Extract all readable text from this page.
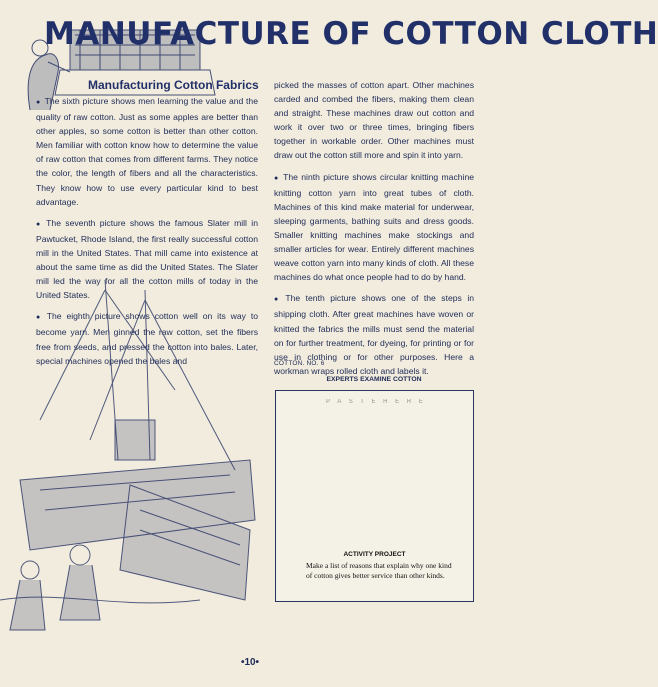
MANUFACTURE OF COTTON CLOTH
Manufacturing Cotton Fabrics

● The sixth picture shows men learning the value and the quality of raw cotton. Just as some apples are better than other apples, so some cotton is better than other cotton. Men familiar with cotton know how to determine the value of raw cotton that comes from different farms. They notice the color, the length of fibers and all the characteristics. They know how to use every particular kind to best advantage.

● The seventh picture shows the famous Slater mill in Pawtucket, Rhode Island, the first really successful cotton mill in the United States. That mill came into existence at about the same time as did the United States. The Slater mill led the way for all the cotton mills of today in the United States.

● The eighth picture shows cotton well on its way to become yarn. Men ginned the raw cotton, set the fibers free from seeds, and pressed the cotton into bales. Later, special machines opened the bales and

picked the masses of cotton apart. Other machines carded and combed the fibers, making them clean and straight. These machines draw out cotton and work it over two or three times, bringing fibers together in workable order. Other machines must draw out the cotton still more and spin it into yarn.

● The ninth picture shows circular knitting machine knitting cotton yarn into great tubes of cloth. Machines of this kind make material for underwear, sleeping garments, bathing suits and dress goods. Smaller knitting machines make stockings and smaller articles for wear. Entirely different machines weave cotton yarn into many kinds of cloth. All these machines do what once people had to do by hand.

● The tenth picture shows one of the steps in shipping cloth. After great machines have woven or knitted the fabrics the mills must send the material on for further treatment, for dyeing, for printing or for use in clothing or for other purposes. Here a workman wraps rolled cloth and labels it.

COTTON. NO. 6
EXPERTS EXAMINE COTTON
P A S T E H E R E
ACTIVITY PROJECT
Make a list of reasons that explain why one kind of cotton gives better service than other kinds.
•10•
